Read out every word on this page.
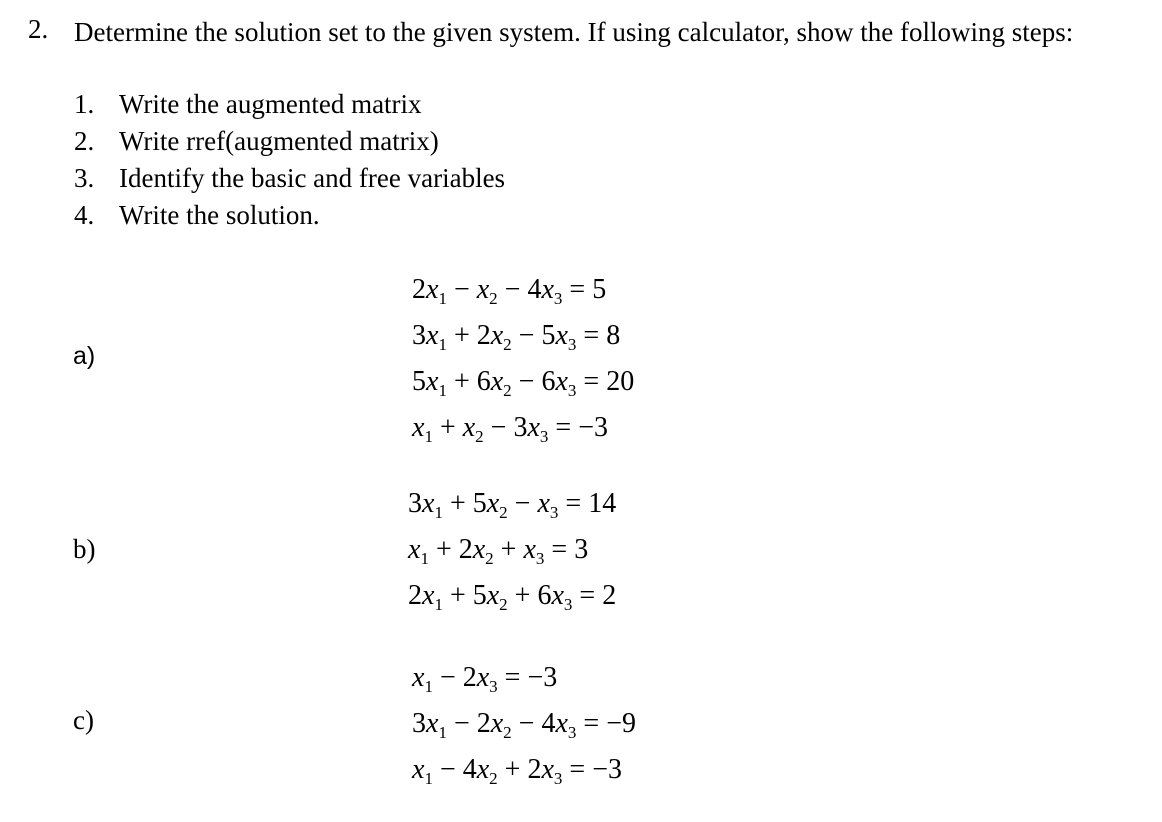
2. Determine the solution set to the given system. If using calculator, show the following steps:
1. Write the augmented matrix
2. Write rref(augmented matrix)
3. Identify the basic and free variables
4. Write the solution.
a)
$2x_1 - x_2 - 4x_3 = 5$
$3x_1 + 2x_2 - 5x_3 = 8$
$5x_1 + 6x_2 - 6x_3 = 20$
$x_1 + x_2 - 3x_3 = -3$
b)
$3x_1 + 5x_2 - x_3 = 14$
$x_1 + 2x_2 + x_3 = 3$
$2x_1 + 5x_2 + 6x_3 = 2$
c)
$x_1 - 2x_3 = -3$
$3x_1 - 2x_2 - 4x_3 = -9$
$x_1 - 4x_2 + 2x_3 = -3$
